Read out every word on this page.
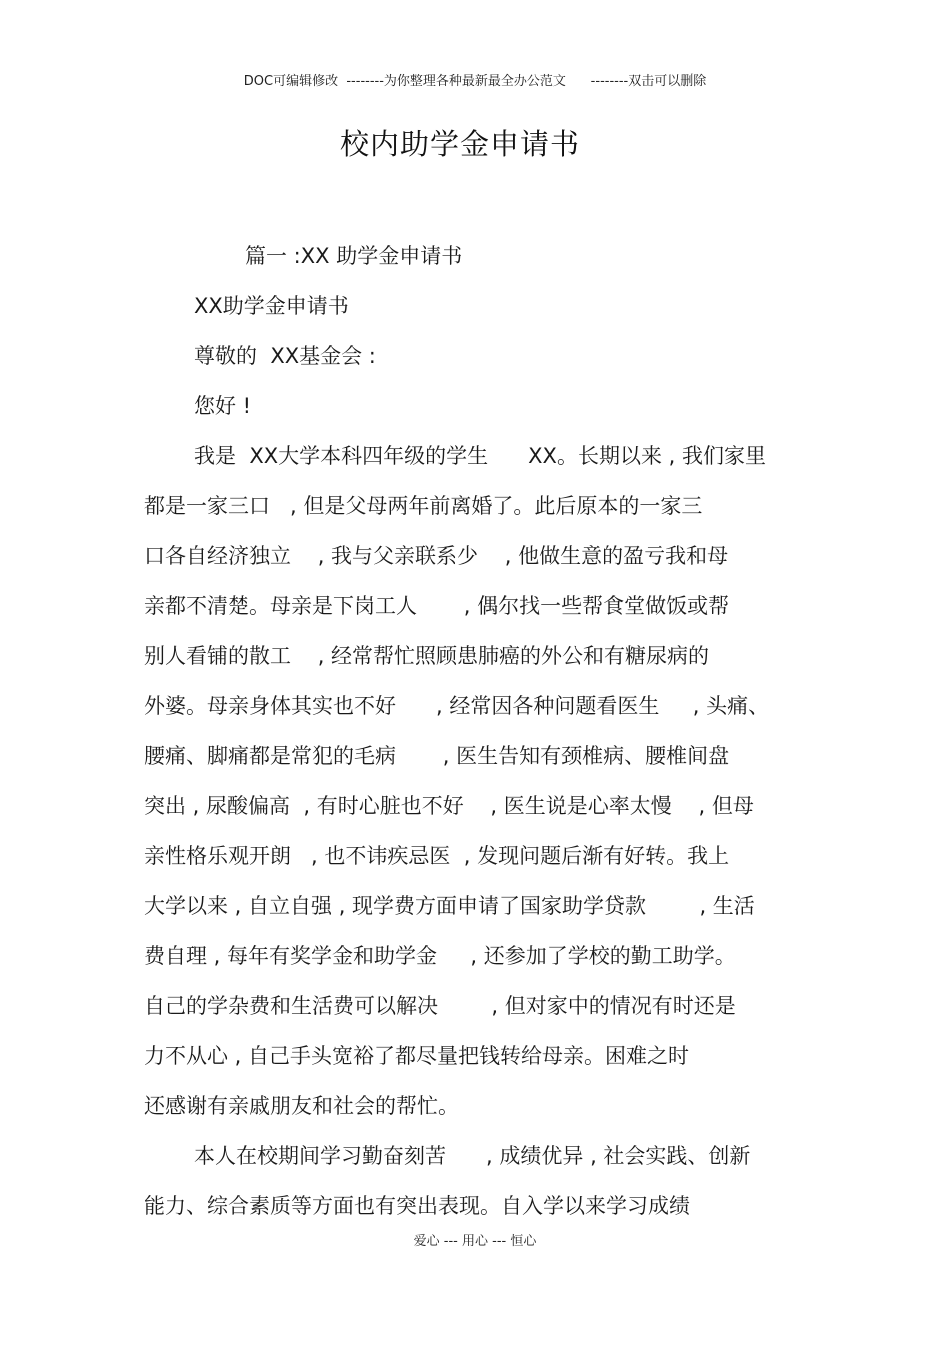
DOC可编辑修改  --------为你整理各种最新最全办公范文      --------双击可以删除
校内助学金申请书
篇一 :XX 助学金申请书
XX助学金申请书
尊敬的  XX基金会 :
您好 !
我是  XX大学本科四年级的学生      XX。长期以来 , 我们家里
都是一家三口   , 但是父母两年前离婚了。此后原本的一家三
口各自经济独立    , 我与父亲联系少    , 他做生意的盈亏我和母
亲都不清楚。母亲是下岗工人       , 偶尔找一些帮食堂做饭或帮
别人看铺的散工    , 经常帮忙照顾患肺癌的外公和有糖尿病的
外婆。母亲身体其实也不好      , 经常因各种问题看医生     , 头痛、
腰痛、脚痛都是常犯的毛病       , 医生告知有颈椎病、腰椎间盘
突出 , 尿酸偏高  , 有时心脏也不好    , 医生说是心率太慢    , 但母
亲性格乐观开朗   , 也不讳疾忌医  , 发现问题后渐有好转。我上
大学以来 , 自立自强 , 现学费方面申请了国家助学贷款        , 生活
费自理 , 每年有奖学金和助学金     , 还参加了学校的勤工助学。
自己的学杂费和生活费可以解决        , 但对家中的情况有时还是
力不从心 , 自己手头宽裕了都尽量把钱转给母亲。困难之时
还感谢有亲戚朋友和社会的帮忙。
本人在校期间学习勤奋刻苦      , 成绩优异 , 社会实践、创新
能力、综合素质等方面也有突出表现。自入学以来学习成绩
爱心 --- 用心 --- 恒心
